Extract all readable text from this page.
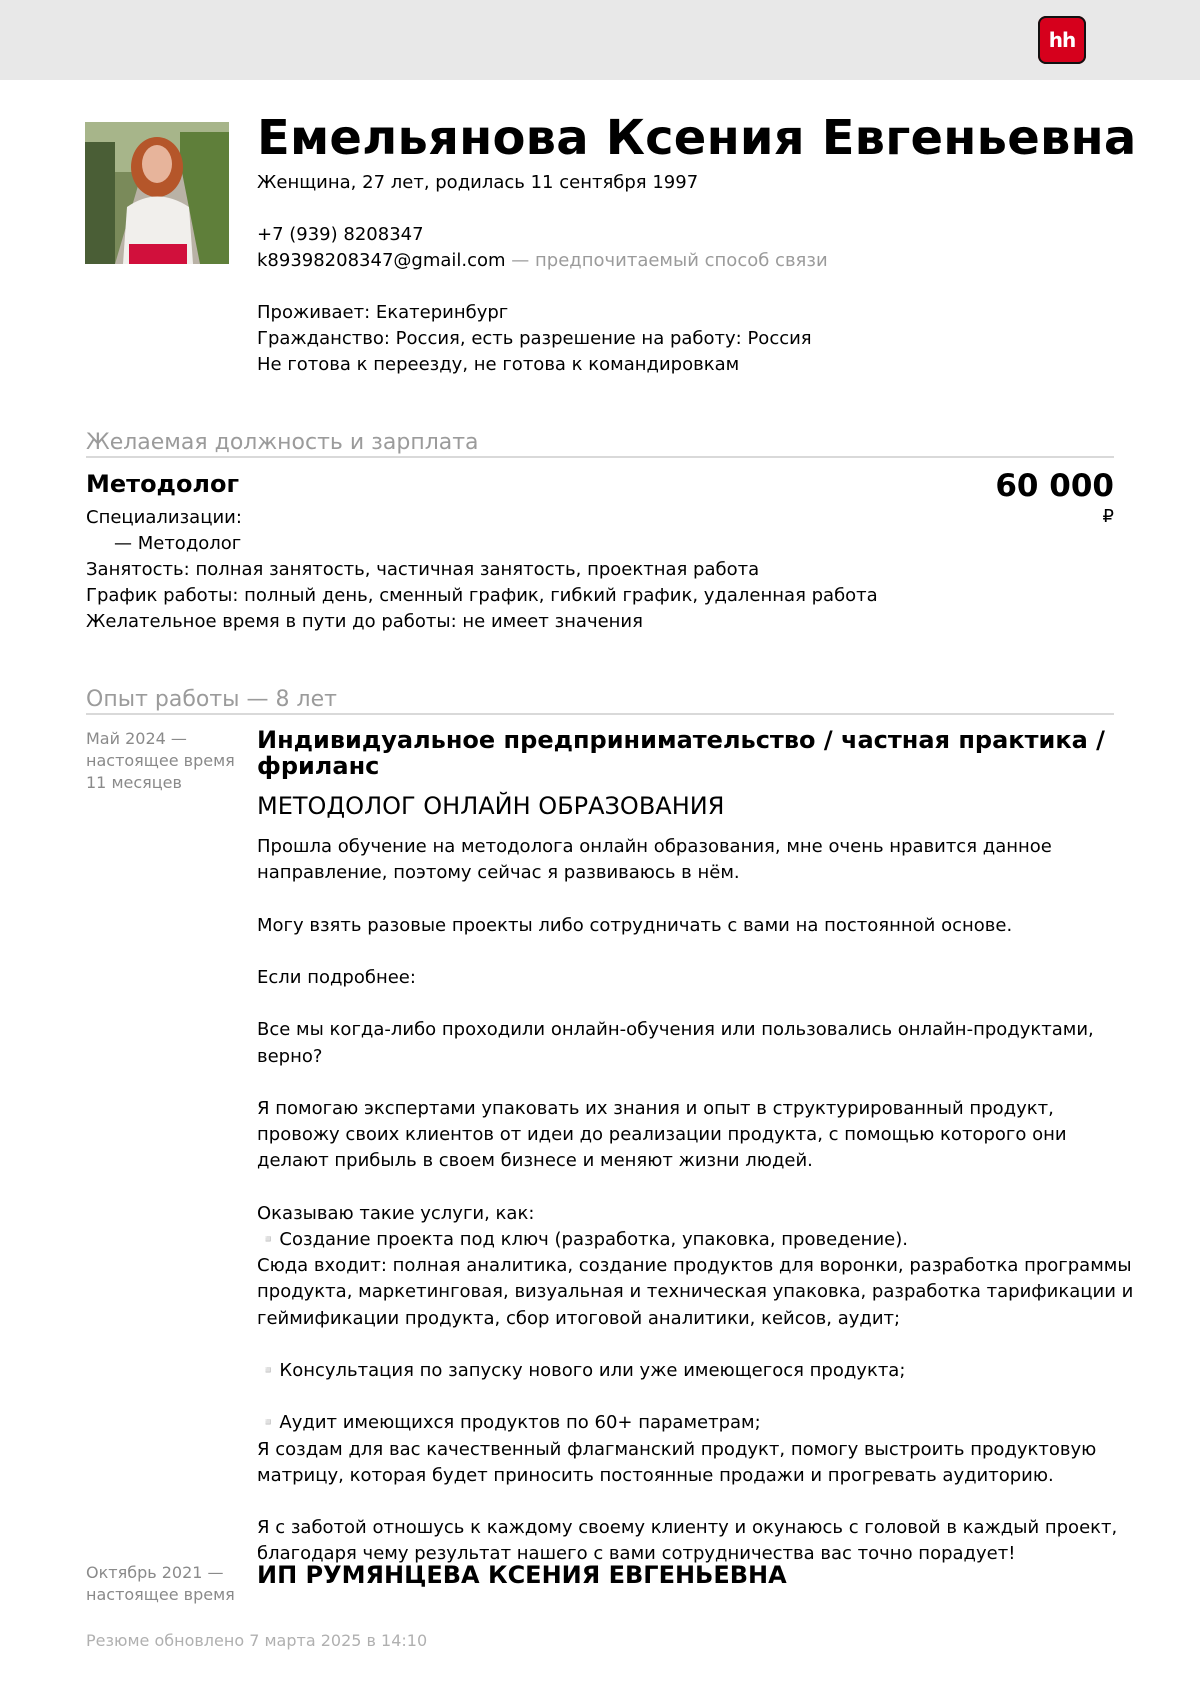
hh
Емельянова Ксения Евгеньевна
Женщина, 27 лет, родилась 11 сентября 1997
+7 (939) 8208347
k89398208347@gmail.com — предпочитаемый способ связи
Проживает: Екатеринбург
Гражданство: Россия, есть разрешение на работу: Россия
Не готова к переезду, не готова к командировкам
Желаемая должность и зарплата
Методолог	60 000
₽
Специализации:
— Методолог
Занятость: полная занятость, частичная занятость, проектная работа
График работы: полный день, сменный график, гибкий график, удаленная работа
Желательное время в пути до работы: не имеет значения
Опыт работы — 8 лет
Май 2024 —
настоящее время
11 месяцев
Индивидуальное предпринимательство / частная практика / фриланс
МЕТОДОЛОГ ОНЛАЙН ОБРАЗОВАНИЯ

Прошла обучение на методолога онлайн образования, мне очень нравится данное направление, поэтому сейчас я развиваюсь в нём.

Могу взять разовые проекты либо сотрудничать с вами на постоянной основе.

Если подробнее:

Все мы когда-либо проходили онлайн-обучения или пользовались онлайн-продуктами, верно?

Я помогаю экспертами упаковать их знания и опыт в структурированный продукт, провожу своих клиентов от идеи до реализации продукта, с помощью которого они делают прибыль в своем бизнесе и меняют жизни людей.

Оказываю такие услуги, как:
▫️Создание проекта под ключ (разработка, упаковка, проведение).
Сюда входит: полная аналитика, создание продуктов для воронки, разработка программы продукта, маркетинговая, визуальная и техническая упаковка, разработка тарификации и геймификации продукта, сбор итоговой аналитики, кейсов, аудит;

▫️Консультация по запуску нового или уже имеющегося продукта;

▫️Аудит имеющихся продуктов по 60+ параметрам;
Я создам для вас качественный флагманский продукт, помогу выстроить продуктовую матрицу, которая будет приносить постоянные продажи и прогревать аудиторию.

Я с заботой отношусь к каждому своему клиенту и окунаюсь с головой в каждый проект, благодаря чему результат нашего с вами сотрудничества вас точно порадует!

Октябрь 2021 —
настоящее время
ИП РУМЯНЦЕВА КСЕНИЯ ЕВГЕНЬЕВНА
Резюме обновлено 7 марта 2025 в 14:10
